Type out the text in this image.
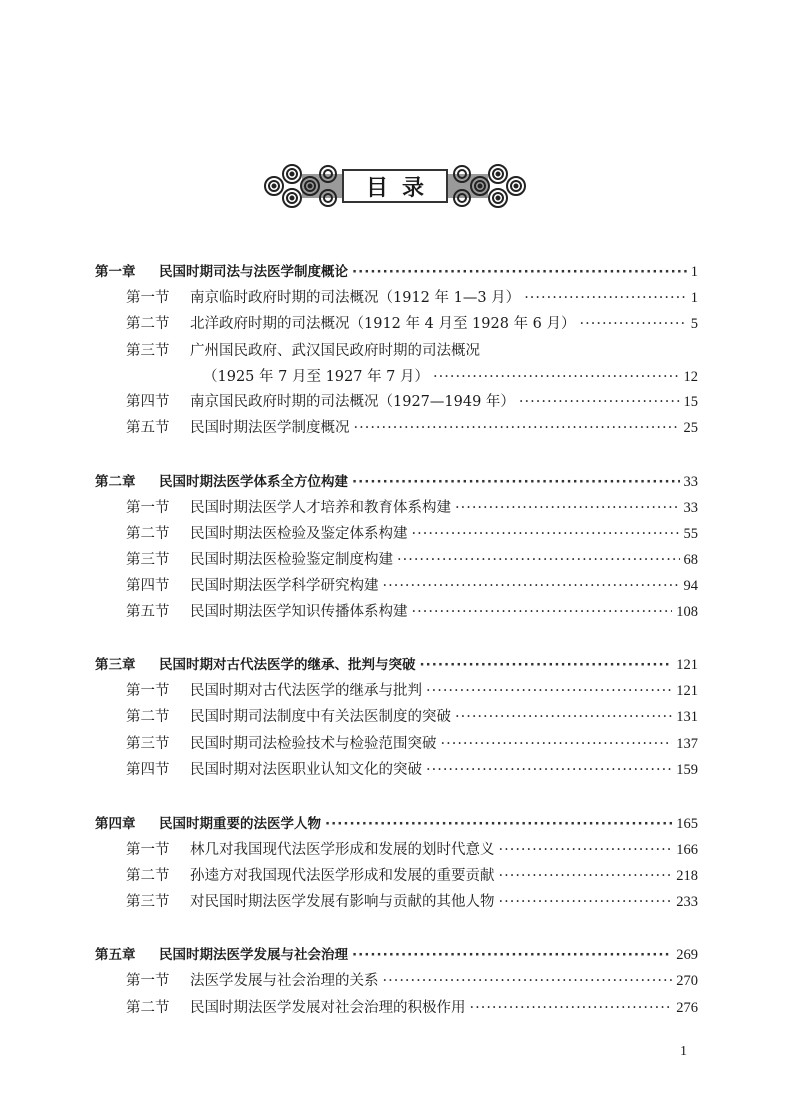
目 录
第一章	民国时期司法与法医学制度概论 ·····	1
第一节	南京临时政府时期的司法概况（1912 年 1—3 月） ·····	1
第二节	北洋政府时期的司法概况（1912 年 4 月至 1928 年 6 月） ·····	5
第三节	广州国民政府、武汉国民政府时期的司法概况
（1925 年 7 月至 1927 年 7 月） ·····	12
第四节	南京国民政府时期的司法概况（1927—1949 年） ·····	15
第五节	民国时期法医学制度概况 ·····	25
第二章	民国时期法医学体系全方位构建 ·····	33
第一节	民国时期法医学人才培养和教育体系构建 ·····	33
第二节	民国时期法医检验及鉴定体系构建 ·····	55
第三节	民国时期法医检验鉴定制度构建 ·····	68
第四节	民国时期法医学科学研究构建 ·····	94
第五节	民国时期法医学知识传播体系构建 ·····	108
第三章	民国时期对古代法医学的继承、批判与突破 ·····	121
第一节	民国时期对古代法医学的继承与批判 ·····	121
第二节	民国时期司法制度中有关法医制度的突破 ·····	131
第三节	民国时期司法检验技术与检验范围突破 ·····	137
第四节	民国时期对法医职业认知文化的突破 ·····	159
第四章	民国时期重要的法医学人物 ·····	165
第一节	林几对我国现代法医学形成和发展的划时代意义 ·····	166
第二节	孙逵方对我国现代法医学形成和发展的重要贡献 ·····	218
第三节	对民国时期法医学发展有影响与贡献的其他人物 ·····	233
第五章	民国时期法医学发展与社会治理 ·····	269
第一节	法医学发展与社会治理的关系 ·····	270
第二节	民国时期法医学发展对社会治理的积极作用 ·····	276
1
